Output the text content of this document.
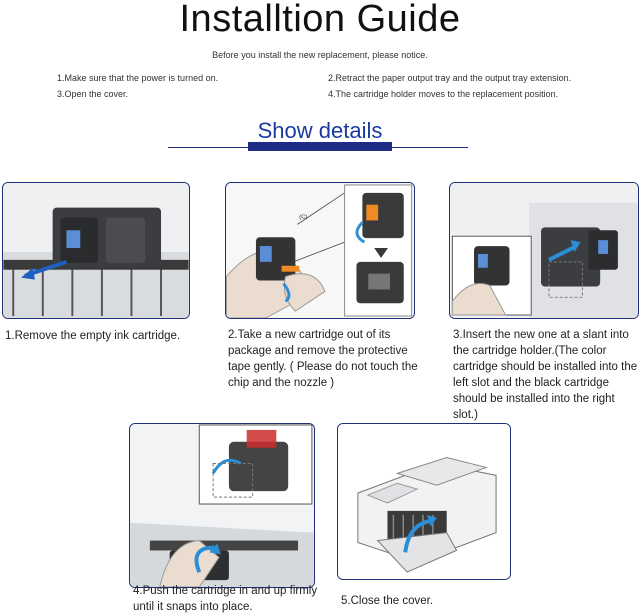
Installtion Guide
Before you install the new replacement, please notice.
1.Make sure that the power is turned on.	2.Retract the paper output tray and the output tray extension.
3.Open the cover.	4.The cartridge holder moves to the replacement position.
Show details
(C)
1.Remove the empty ink cartridge.	2.Take a new cartridge out of its package and remove the protective tape gently. ( Please do not touch the chip and the nozzle )
3.Insert the new one at a slant into the cartridge holder.(The color cartridge should be installed into the left slot and the black cartridge should be installed into the right slot.)
4.Push the cartridge in and up firmly until it snaps into place.	5.Close the cover.
